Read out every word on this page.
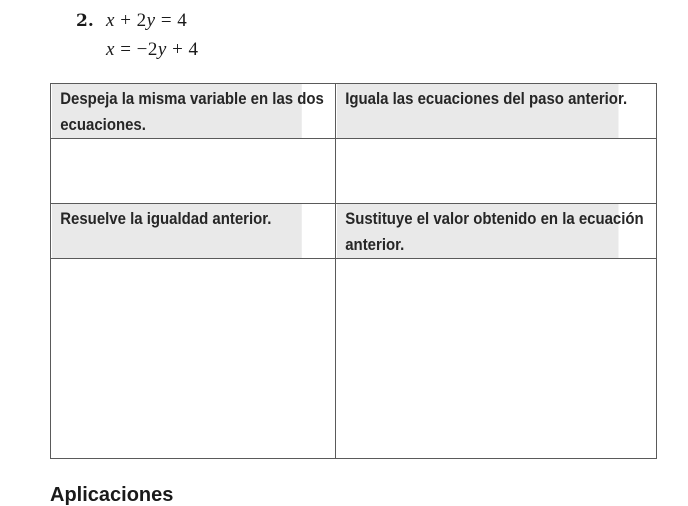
2. x + 2y = 4
x = −2y + 4
Despeja la misma variable en las dos ecuaciones.	Iguala las ecuaciones del paso anterior.

Resuelve la igualdad anterior.	Sustituye el valor obtenido en la ecuación anterior.

Aplicaciones
